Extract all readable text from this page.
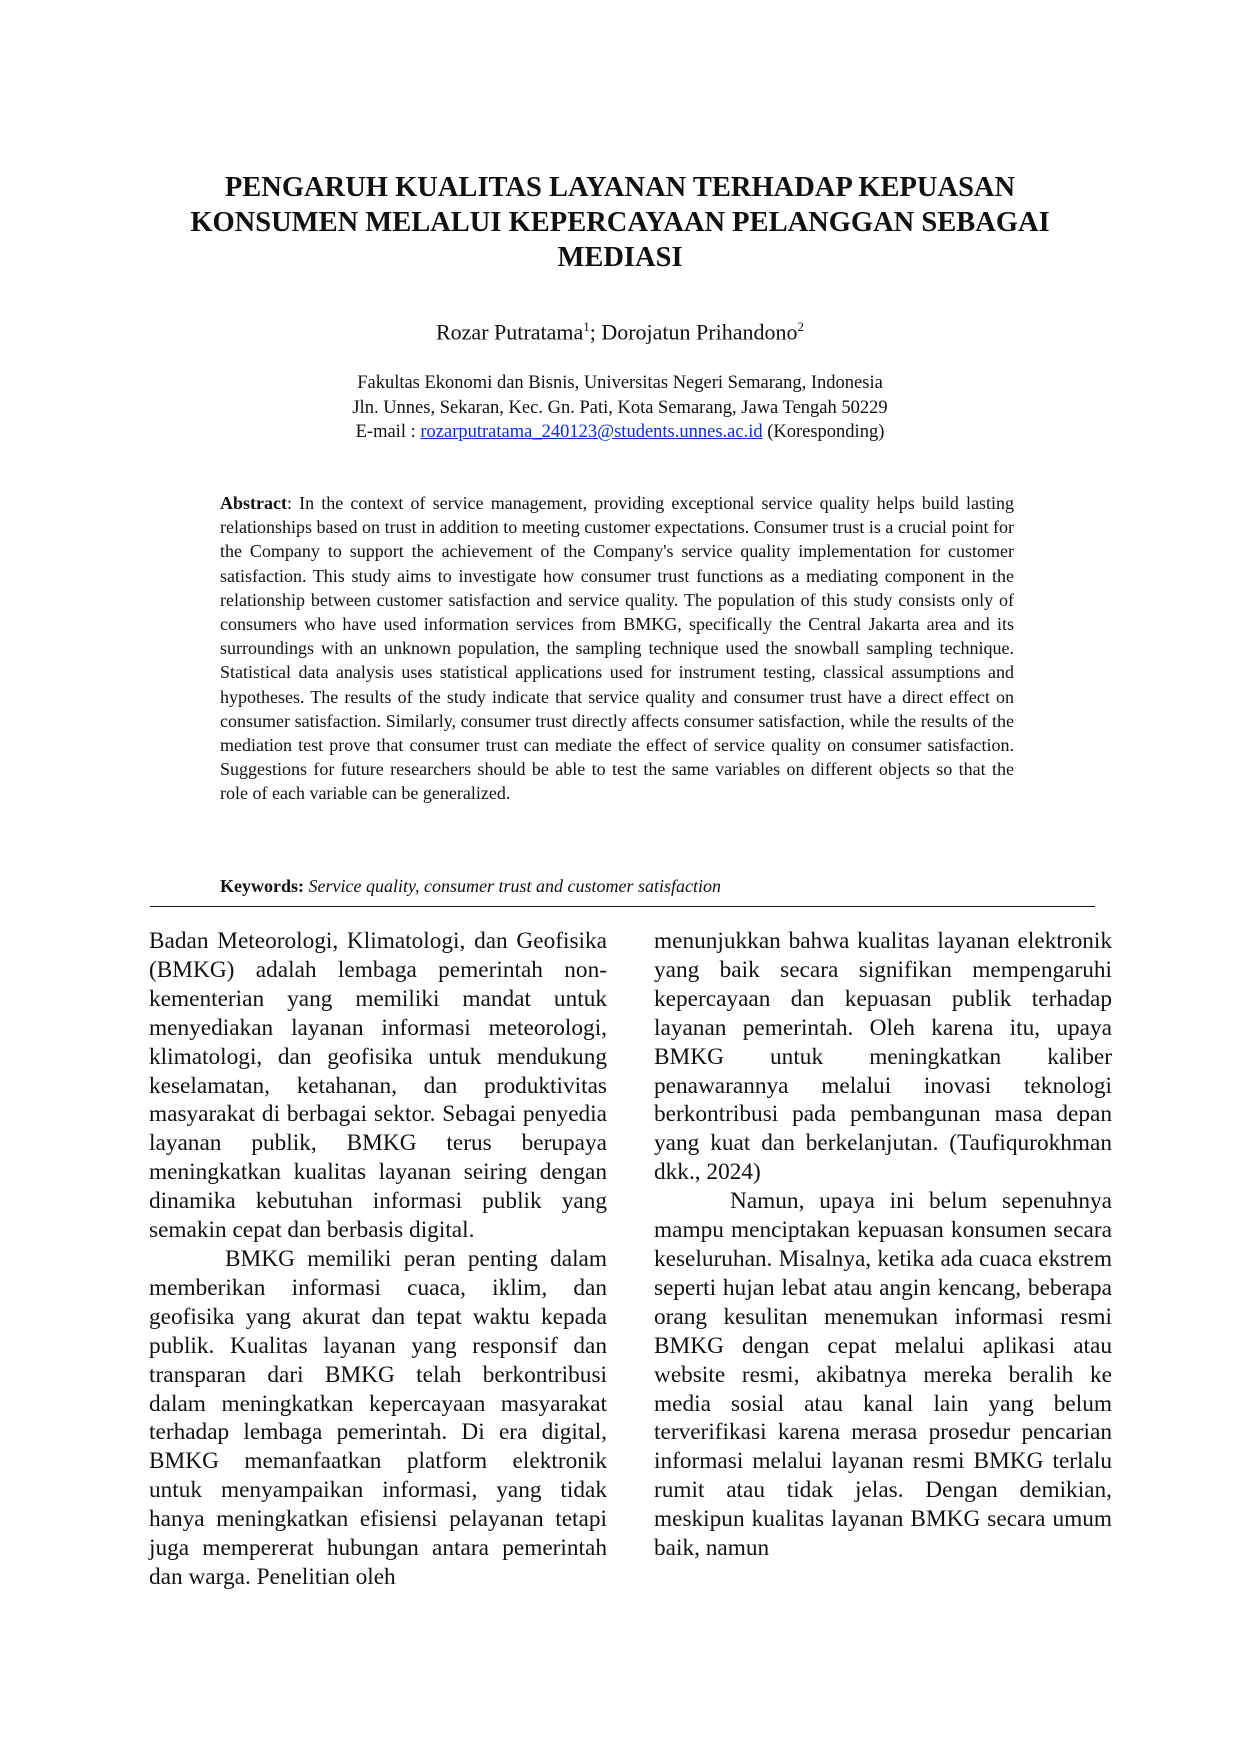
PENGARUH KUALITAS LAYANAN TERHADAP KEPUASAN KONSUMEN MELALUI KEPERCAYAAN PELANGGAN SEBAGAI MEDIASI

Rozar Putratama$^1$; Dorojatun Prihandono$^2$

Fakultas Ekonomi dan Bisnis, Universitas Negeri Semarang, Indonesia
Jln. Unnes, Sekaran, Kec. Gn. Pati, Kota Semarang, Jawa Tengah 50229
E-mail : rozarputratama_240123@students.unnes.ac.id (Koresponding)

Abstract: In the context of service management, providing exceptional service quality helps build lasting relationships based on trust in addition to meeting customer expectations. Consumer trust is a crucial point for the Company to support the achievement of the Company's service quality implementation for customer satisfaction. This study aims to investigate how consumer trust functions as a mediating component in the relationship between customer satisfaction and service quality. The population of this study consists only of consumers who have used information services from BMKG, specifically the Central Jakarta area and its surroundings with an unknown population, the sampling technique used the snowball sampling technique. Statistical data analysis uses statistical applications used for instrument testing, classical assumptions and hypotheses. The results of the study indicate that service quality and consumer trust have a direct effect on consumer satisfaction. Similarly, consumer trust directly affects consumer satisfaction, while the results of the mediation test prove that consumer trust can mediate the effect of service quality on consumer satisfaction. Suggestions for future researchers should be able to test the same variables on different objects so that the role of each variable can be generalized.

Keywords: Service quality, consumer trust and customer satisfaction

Badan Meteorologi, Klimatologi, dan Geofisika (BMKG) adalah lembaga pemerintah non-kementerian yang memiliki mandat untuk menyediakan layanan informasi meteorologi, klimatologi, dan geofisika untuk mendukung keselamatan, ketahanan, dan produktivitas masyarakat di berbagai sektor. Sebagai penyedia layanan publik, BMKG terus berupaya meningkatkan kualitas layanan seiring dengan dinamika kebutuhan informasi publik yang semakin cepat dan berbasis digital.

BMKG memiliki peran penting dalam memberikan informasi cuaca, iklim, dan geofisika yang akurat dan tepat waktu kepada publik. Kualitas layanan yang responsif dan transparan dari BMKG telah berkontribusi dalam meningkatkan kepercayaan masyarakat terhadap lembaga pemerintah. Di era digital, BMKG memanfaatkan platform elektronik untuk menyampaikan informasi, yang tidak hanya meningkatkan efisiensi pelayanan tetapi juga mempererat hubungan antara pemerintah dan warga. Penelitian oleh

menunjukkan bahwa kualitas layanan elektronik yang baik secara signifikan mempengaruhi kepercayaan dan kepuasan publik terhadap layanan pemerintah. Oleh karena itu, upaya BMKG untuk meningkatkan kaliber penawarannya melalui inovasi teknologi berkontribusi pada pembangunan masa depan yang kuat dan berkelanjutan. (Taufiqurokhman dkk., 2024)

Namun, upaya ini belum sepenuhnya mampu menciptakan kepuasan konsumen secara keseluruhan. Misalnya, ketika ada cuaca ekstrem seperti hujan lebat atau angin kencang, beberapa orang kesulitan menemukan informasi resmi BMKG dengan cepat melalui aplikasi atau website resmi, akibatnya mereka beralih ke media sosial atau kanal lain yang belum terverifikasi karena merasa prosedur pencarian informasi melalui layanan resmi BMKG terlalu rumit atau tidak jelas. Dengan demikian, meskipun kualitas layanan BMKG secara umum baik, namun
